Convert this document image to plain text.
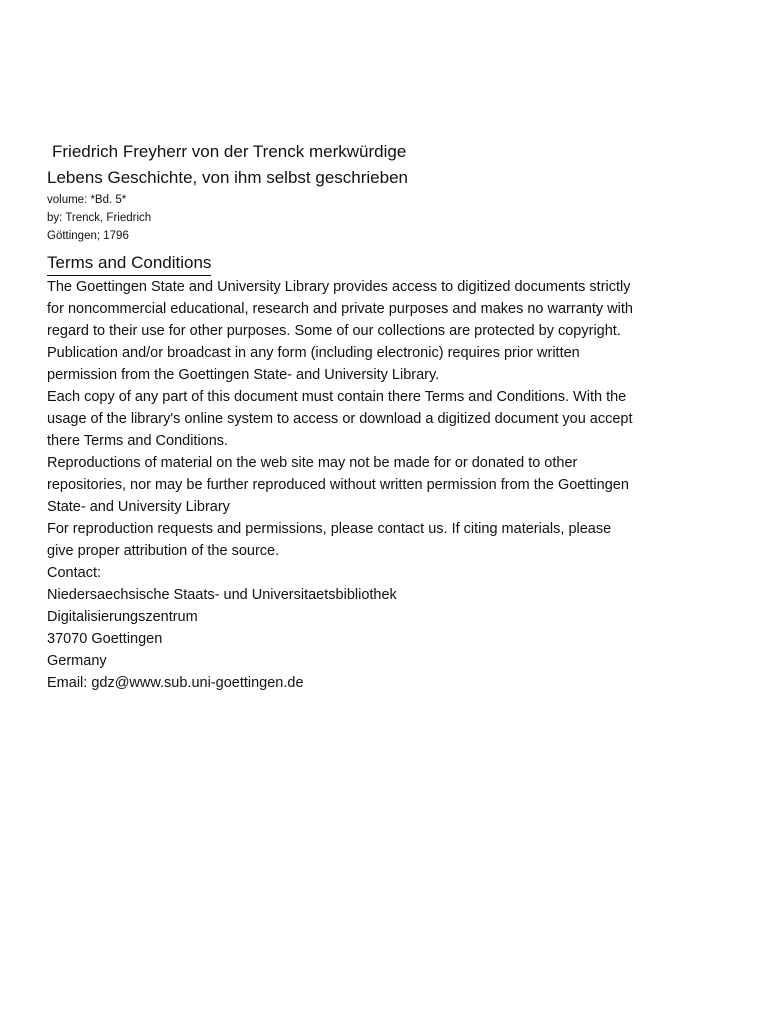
Friedrich Freyherr von der Trenck merkwürdige
Lebens Geschichte, von ihm selbst geschrieben
volume: *Bd. 5*
by: Trenck, Friedrich
Göttingen; 1796
Terms and Conditions
The Goettingen State and University Library provides access to digitized documents strictly
for noncommercial educational, research and private purposes and makes no warranty with
regard to their use for other purposes. Some of our collections are protected by copyright.
Publication and/or broadcast in any form (including electronic) requires prior written
permission from the Goettingen State- and University Library.
Each copy of any part of this document must contain there Terms and Conditions. With the
usage of the library's online system to access or download a digitized document you accept
there Terms and Conditions.
Reproductions of material on the web site may not be made for or donated to other
repositories, nor may be further reproduced without written permission from the Goettingen
State- and University Library
For reproduction requests and permissions, please contact us. If citing materials, please
give proper attribution of the source.
Contact:
Niedersaechsische Staats- und Universitaetsbibliothek
Digitalisierungszentrum
37070 Goettingen
Germany
Email: gdz@www.sub.uni-goettingen.de
